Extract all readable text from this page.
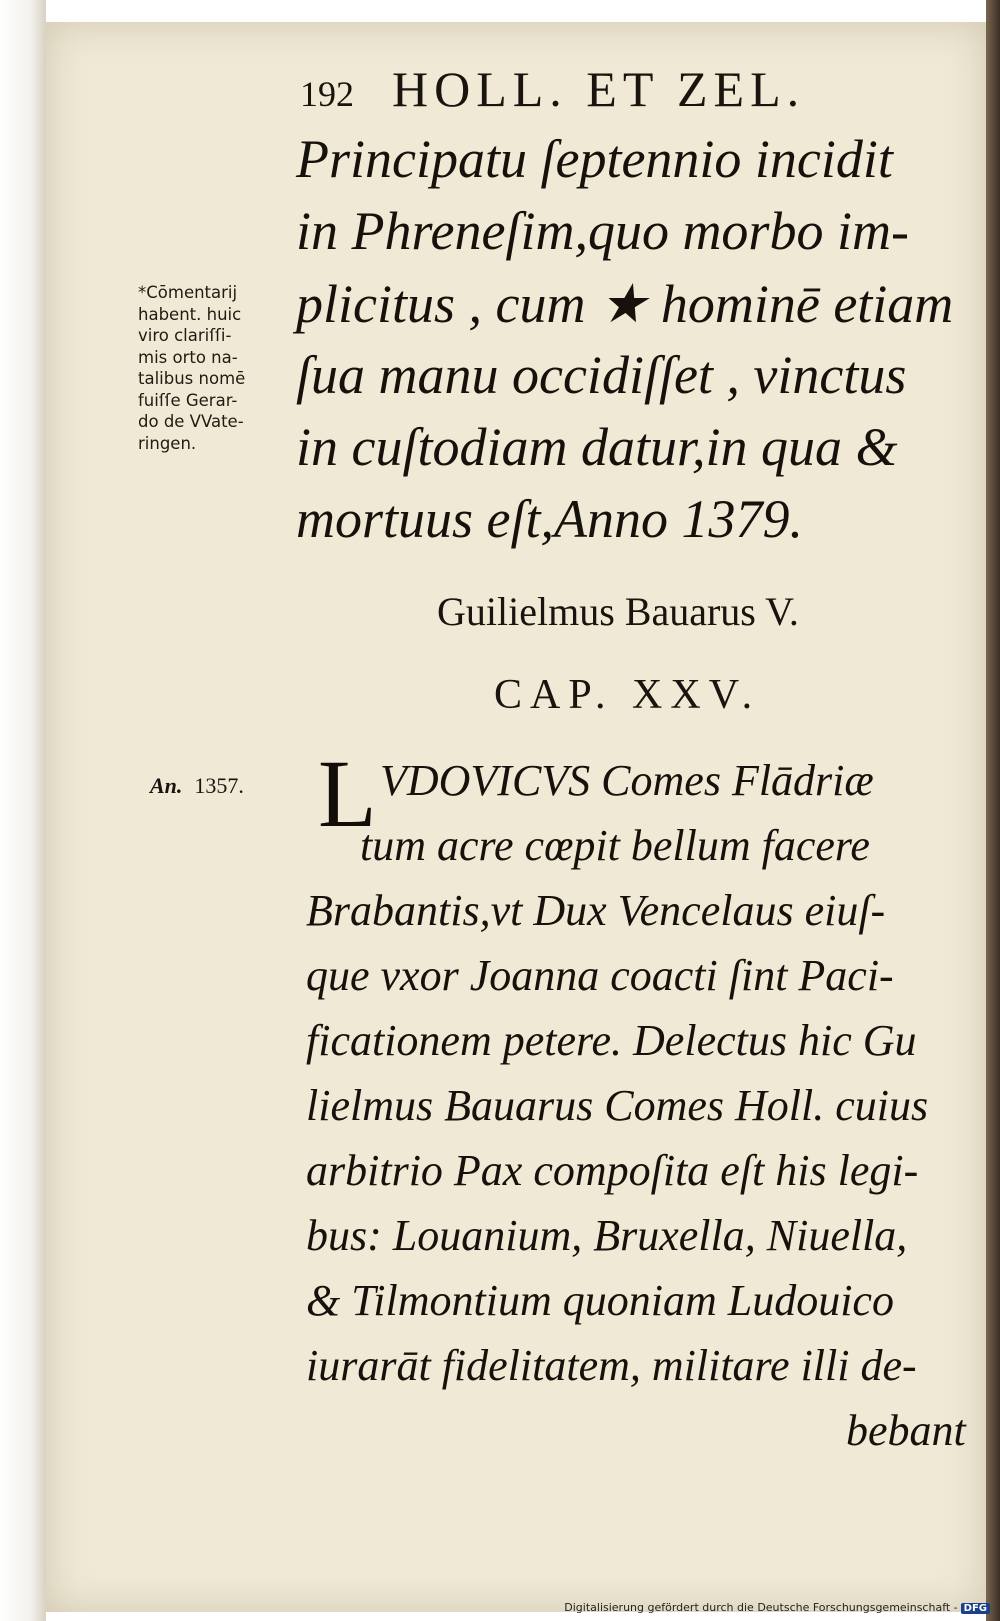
192 HOLL. ET ZEL.
Principatu ſeptennio incidit
in Phreneſim,quo morbo im-
plicitus , cum ★ hominē etiam
ſua manu occidiſſet , vinctus
in cuſtodiam datur,in qua &
mortuus eſt,Anno 1379.
*Cōmentarij
habent. huic
viro clariſſi-
mis orto na-
talibus nomē
fuiſſe Gerar-
do de VVate-
ringen.
Guilielmus Bauarus V.
CAP. XXV.
An. 1357. L VDOVICVS Comes Flādriæ
tum acre cœpit bellum facere
Brabantis,vt Dux Vencelaus eiuſ-
que vxor Joanna coacti ſint Paci-
ficationem petere. Delectus hic Gu
lielmus Bauarus Comes Holl. cuius
arbitrio Pax compoſita eſt his legi-
bus: Louanium, Bruxella, Niuella,
& Tilmontium quoniam Ludouico
iurarāt fidelitatem, militare illi de-
bebant
Digitalisierung gefördert durch die Deutsche Forschungsgemeinschaft - DFG
